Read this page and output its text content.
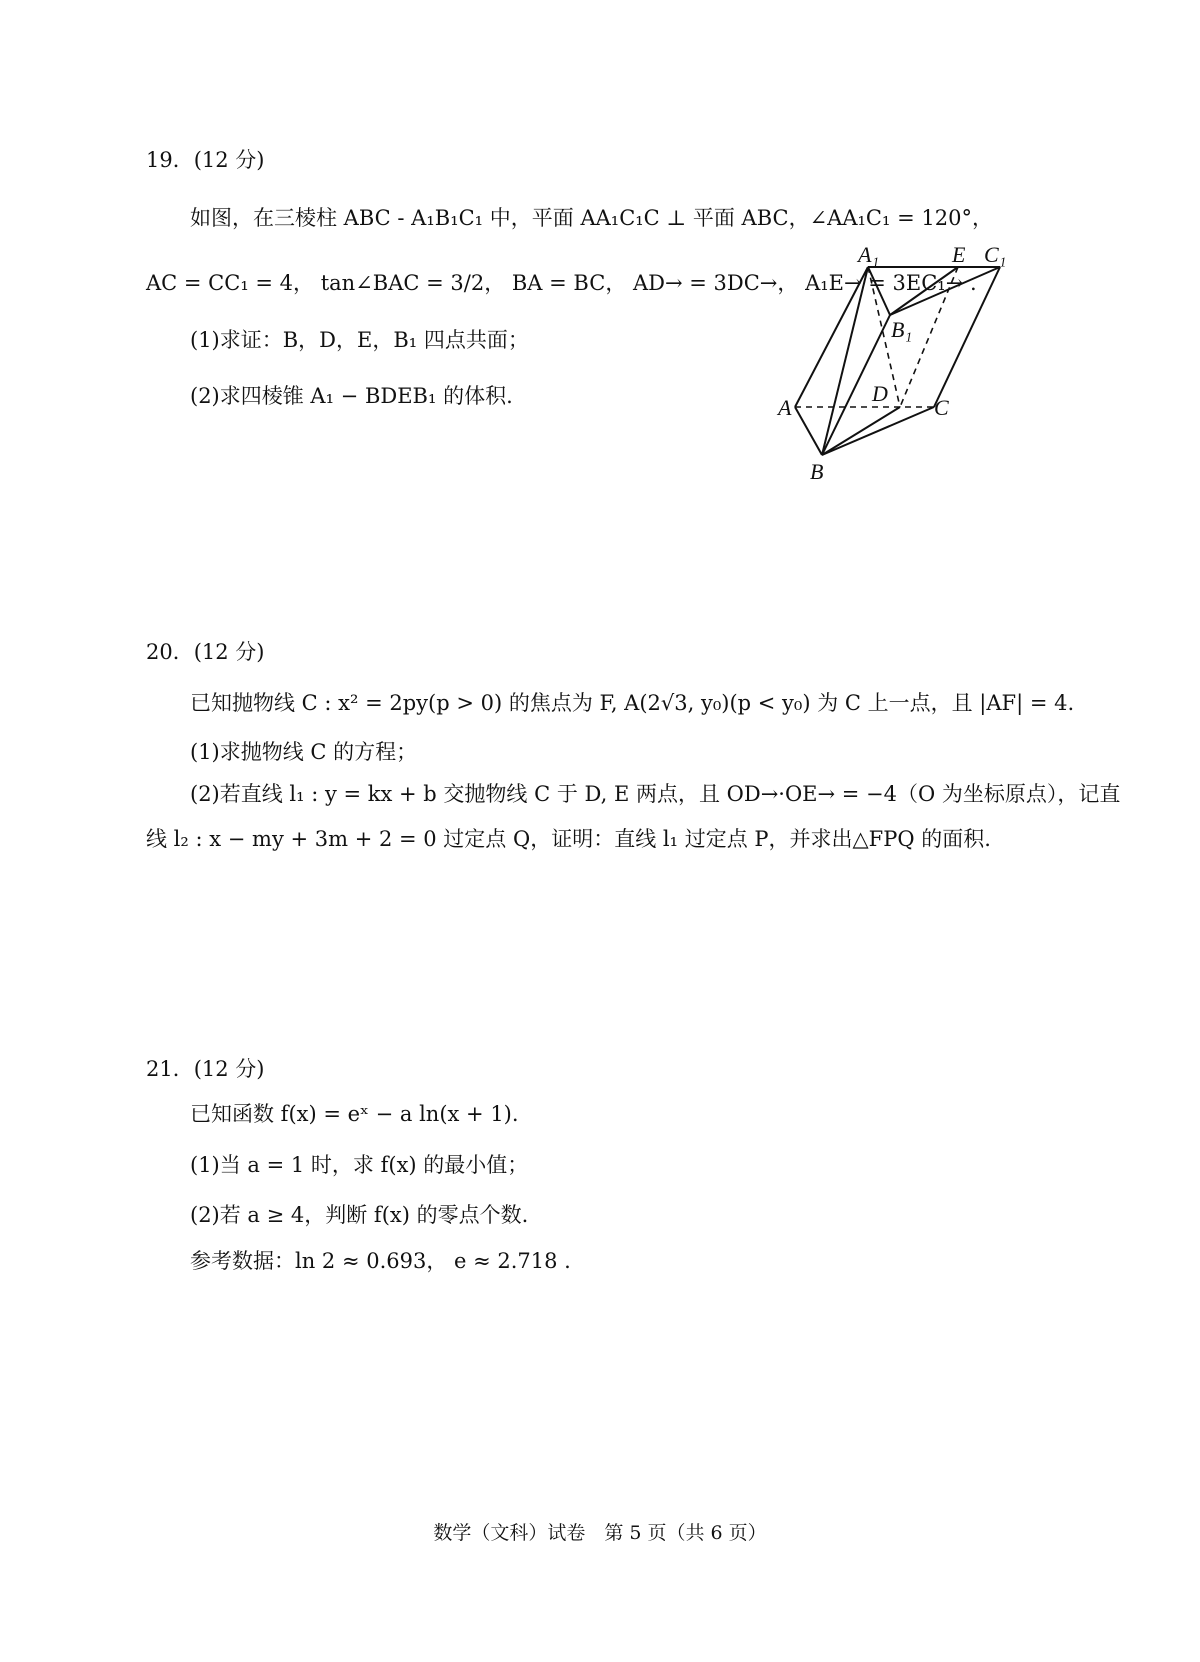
19．(12 分)
如图，在三棱柱 ABC - A₁B₁C₁ 中，平面 AA₁C₁C ⊥ 平面 ABC，∠AA₁C₁ = 120°，
AC = CC₁ = 4， tan∠BAC = 3/2， BA = BC， AD→ = 3DC→， A₁E→ = 3EC₁→ .
(1)求证：B，D，E，B₁ 四点共面；
(2)求四棱锥 A₁ − BDEB₁ 的体积.
A₁	E C₁
B₁
A
D
C
B
20．(12 分)
已知抛物线 C : x² = 2py(p > 0) 的焦点为 F, A(2√3, y₀)(p < y₀) 为 C 上一点，且 |AF| = 4.
(1)求抛物线 C 的方程；
(2)若直线 l₁ : y = kx + b 交抛物线 C 于 D, E 两点，且 OD→·OE→ = −4（O 为坐标原点），记直
线 l₂ : x − my + 3m + 2 = 0 过定点 Q，证明：直线 l₁ 过定点 P，并求出△FPQ 的面积.
21．(12 分)
已知函数 f(x) = eˣ − a ln(x + 1).
(1)当 a = 1 时，求 f(x) 的最小值；
(2)若 a ≥ 4，判断 f(x) 的零点个数.
参考数据：ln 2 ≈ 0.693， e ≈ 2.718 .
数学（文科）试卷　第 5 页（共 6 页）
